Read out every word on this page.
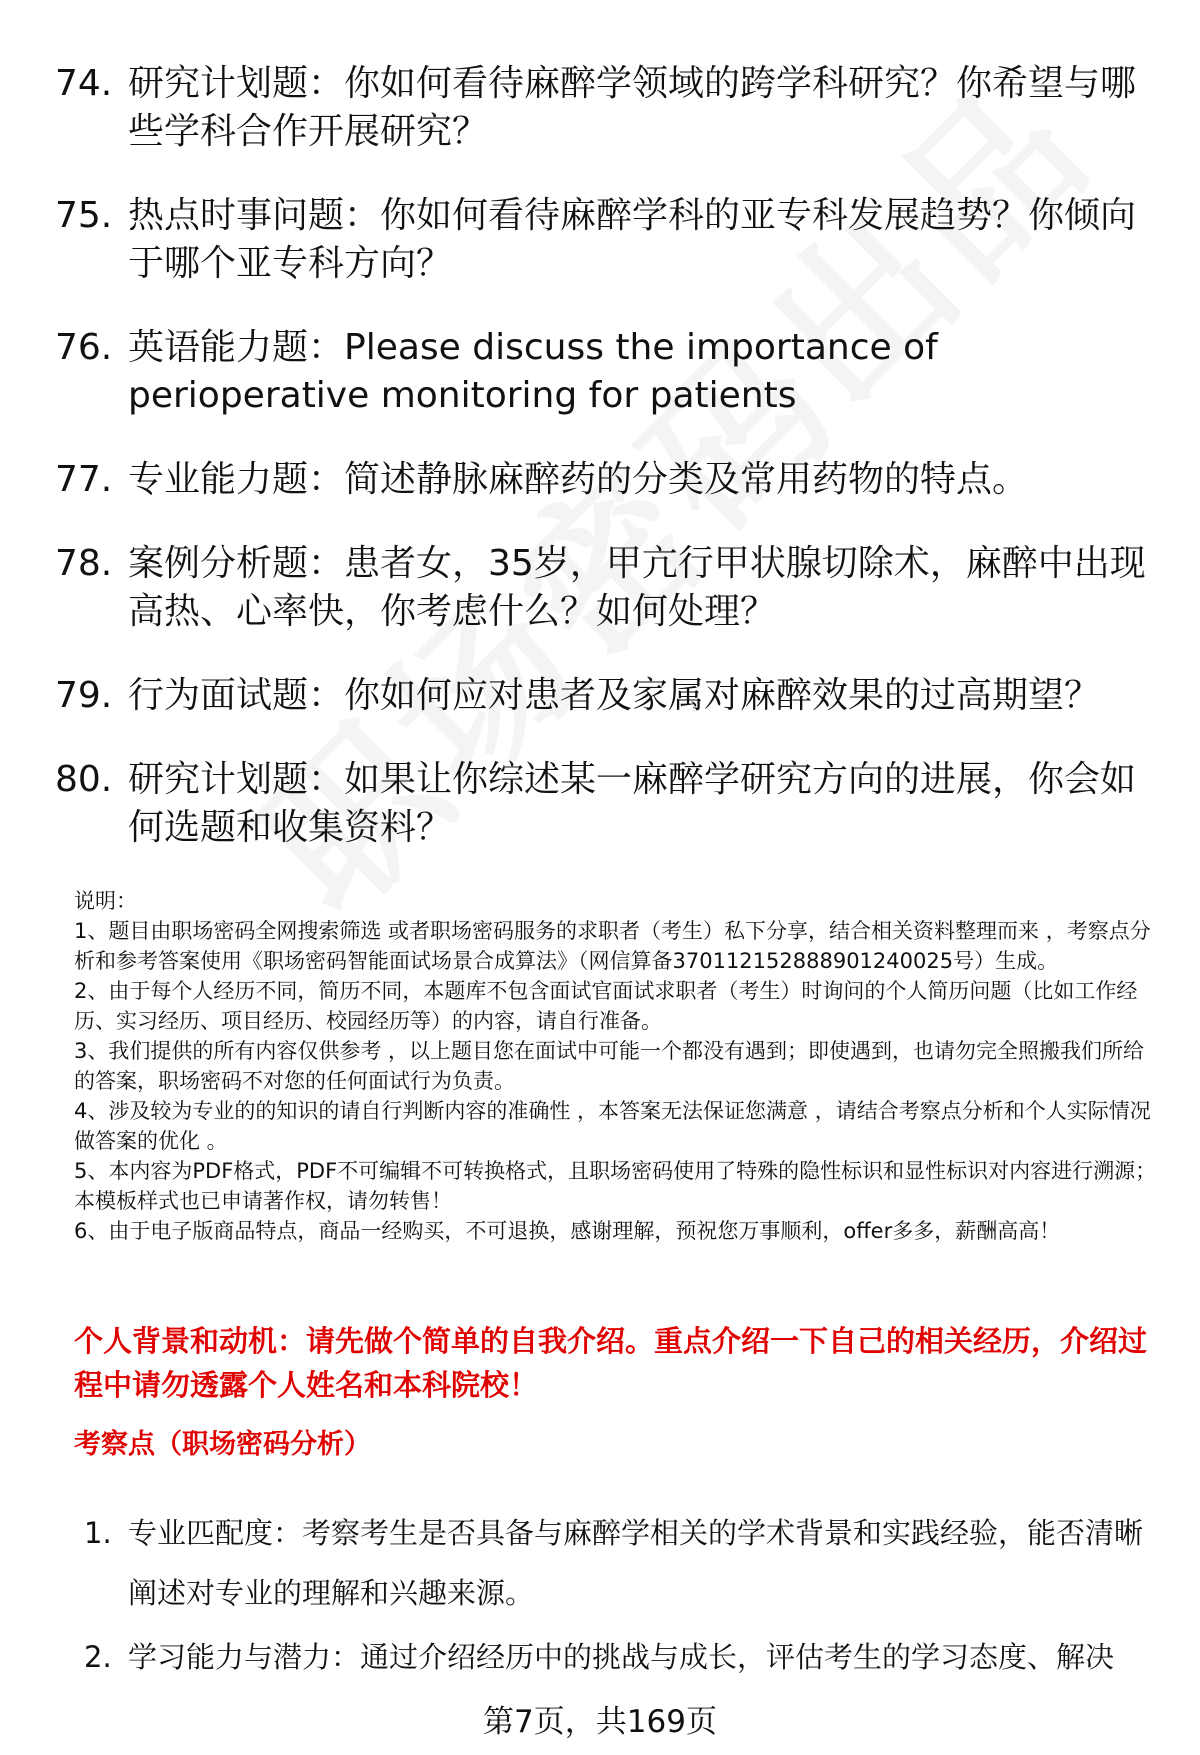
74. 研究计划题：你如何看待麻醉学领域的跨学科研究？你希望与哪些学科合作开展研究？
75. 热点时事问题：你如何看待麻醉学科的亚专科发展趋势？你倾向于哪个亚专科方向？
76. 英语能力题：Please discuss the importance of perioperative monitoring for patients
77. 专业能力题：简述静脉麻醉药的分类及常用药物的特点。
78. 案例分析题：患者女，35岁，甲亢行甲状腺切除术，麻醉中出现高热、心率快，你考虑什么？如何处理？
79. 行为面试题：你如何应对患者及家属对麻醉效果的过高期望？
80. 研究计划题：如果让你综述某一麻醉学研究方向的进展，你会如何选题和收集资料？

说明：

1、题目由职场密码全网搜索筛选 或者职场密码服务的求职者（考生）私下分享，结合相关资料整理而来 ，考察点分析和参考答案使用《职场密码智能面试场景合成算法》（网信算备370112152888901240025号）生成。

2、由于每个人经历不同，简历不同，本题库不包含面试官面试求职者（考生）时询问的个人简历问题（比如工作经历、实习经历、项目经历、校园经历等）的内容，请自行准备。

3、我们提供的所有内容仅供参考 ，以上题目您在面试中可能一个都没有遇到；即使遇到，也请勿完全照搬我们所给的答案，职场密码不对您的任何面试行为负责。

4、涉及较为专业的的知识的请自行判断内容的准确性 ，本答案无法保证您满意 ，请结合考察点分析和个人实际情况做答案的优化 。

5、本内容为PDF格式，PDF不可编辑不可转换格式，且职场密码使用了特殊的隐性标识和显性标识对内容进行溯源；本模板样式也已申请著作权，请勿转售！

6、由于电子版商品特点，商品一经购买，不可退换，感谢理解，预祝您万事顺利，offer多多，薪酬高高！

个人背景和动机：请先做个简单的自我介绍。重点介绍一下自己的相关经历，介绍过程中请勿透露个人姓名和本科院校！
考察点（职场密码分析）
1. 专业匹配度：考察考生是否具备与麻醉学相关的学术背景和实践经验，能否清晰阐述对专业的理解和兴趣来源。
2. 学习能力与潜力：通过介绍经历中的挑战与成长，评估考生的学习态度、解决
第7页，共169页
